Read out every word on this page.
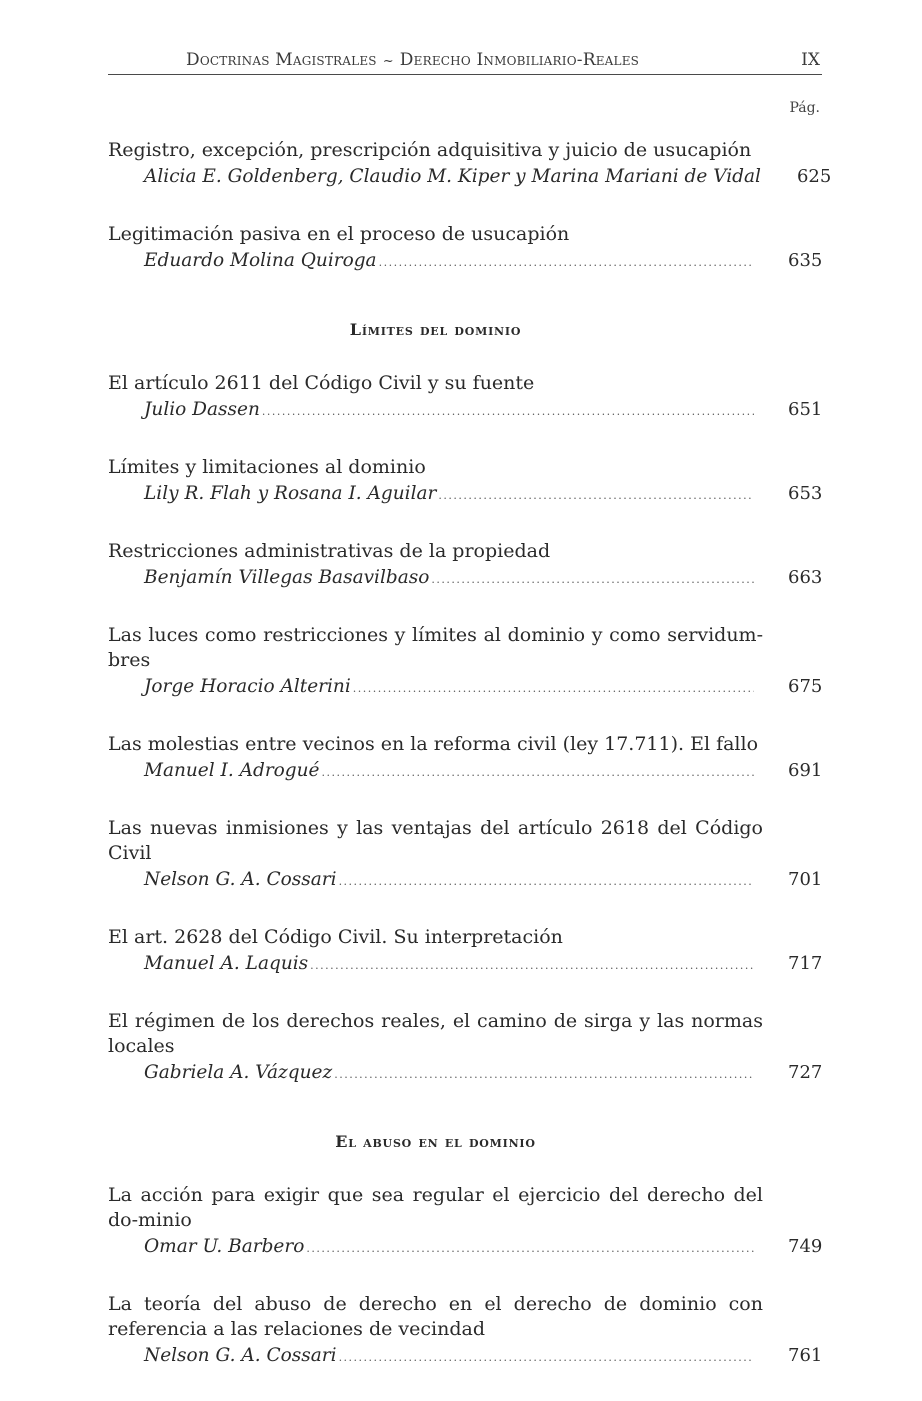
Doctrinas Magistrales ~ Derecho Inmobiliario-Reales	IX
Pág.
Registro, excepción, prescripción adquisitiva y juicio de usucapión
Alicia E. Goldenberg, Claudio M. Kiper y Marina Mariani de Vidal 625
Legitimación pasiva en el proceso de usucapión
Eduardo Molina Quiroga .....	635
Límites del dominio
El artículo 2611 del Código Civil y su fuente
Julio Dassen .....	651
Límites y limitaciones al dominio
Lily R. Flah y Rosana I. Aguilar .....	653
Restricciones administrativas de la propiedad
Benjamín Villegas Basavilbaso .....	663
Las luces como restricciones y límites al dominio y como servidum-bres
Jorge Horacio Alterini .....	675
Las molestias entre vecinos en la reforma civil (ley 17.711). El fallo
Manuel I. Adrogué .....	691
Las nuevas inmisiones y las ventajas del artículo 2618 del Código Civil
Nelson G. A. Cossari .....	701
El art. 2628 del Código Civil. Su interpretación
Manuel A. Laquis .....	717
El régimen de los derechos reales, el camino de sirga y las normas locales
Gabriela A. Vázquez .....	727
El abuso en el dominio
La acción para exigir que sea regular el ejercicio del derecho del do-minio
Omar U. Barbero .....	749
La teoría del abuso de derecho en el derecho de dominio con referencia a las relaciones de vecindad
Nelson G. A. Cossari .....	761
